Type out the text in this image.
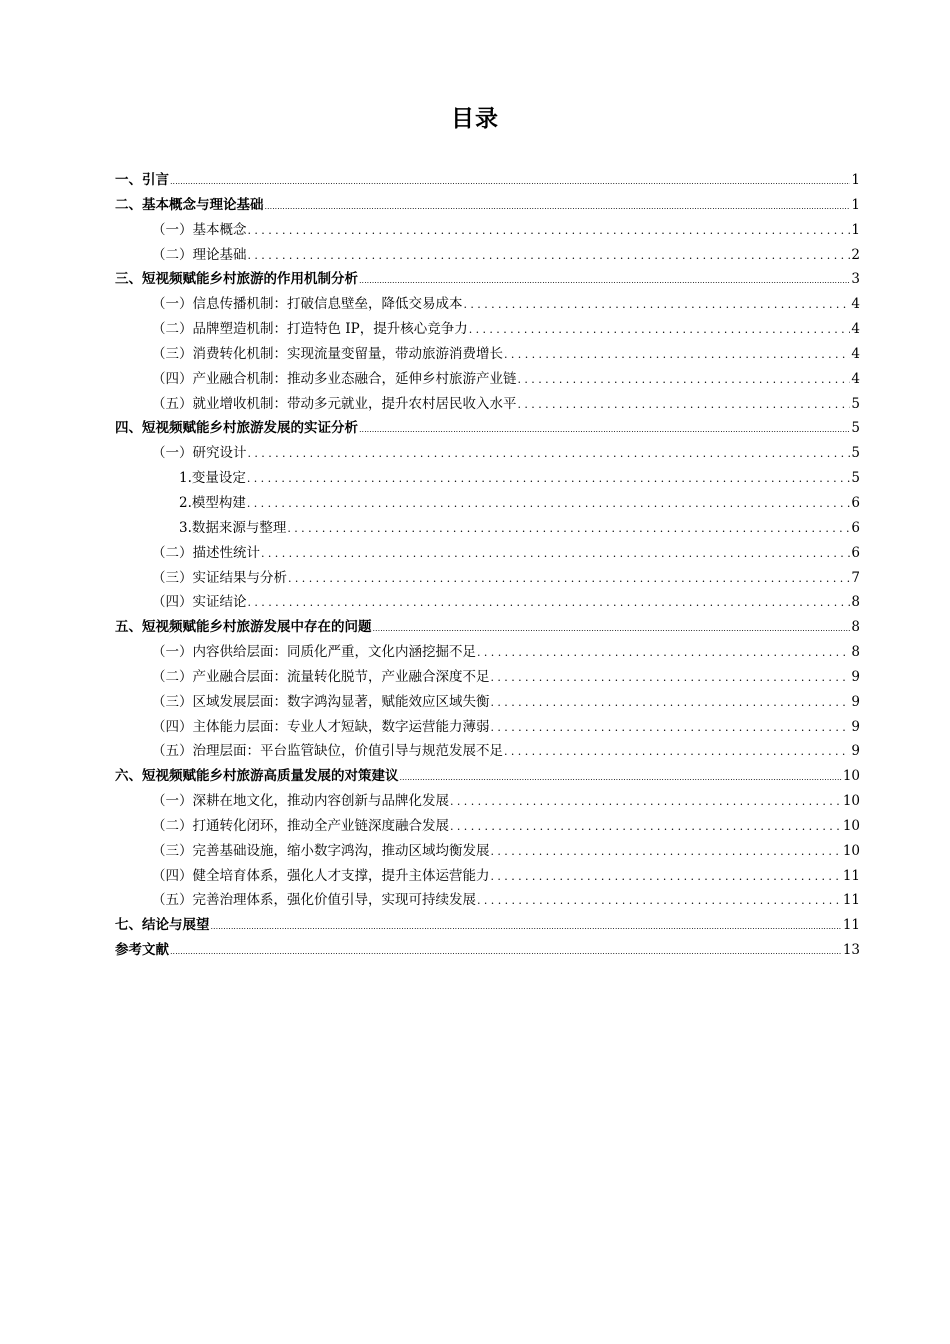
目录
一、引言 .....	1
二、基本概念与理论基础 .....	1
（一）基本概念 .....	1
（二）理论基础 .....	2
三、短视频赋能乡村旅游的作用机制分析 .....	3
（一）信息传播机制：打破信息壁垒，降低交易成本 .....	4
（二）品牌塑造机制：打造特色 IP，提升核心竞争力 .....	4
（三）消费转化机制：实现流量变留量，带动旅游消费增长 .....	4
（四）产业融合机制：推动多业态融合，延伸乡村旅游产业链 .....	4
（五）就业增收机制：带动多元就业，提升农村居民收入水平 .....	5
四、短视频赋能乡村旅游发展的实证分析 .....	5
（一）研究设计 .....	5
1.变量设定 .....	5
2.模型构建 .....	6
3.数据来源与整理 .....	6
（二）描述性统计 .....	6
（三）实证结果与分析 .....	7
（四）实证结论 .....	8
五、短视频赋能乡村旅游发展中存在的问题 .....	8
（一）内容供给层面：同质化严重，文化内涵挖掘不足 .....	8
（二）产业融合层面：流量转化脱节，产业融合深度不足 .....	9
（三）区域发展层面：数字鸿沟显著，赋能效应区域失衡 .....	9
（四）主体能力层面：专业人才短缺，数字运营能力薄弱 .....	9
（五）治理层面：平台监管缺位，价值引导与规范发展不足 .....	9
六、短视频赋能乡村旅游高质量发展的对策建议 .....	10
（一）深耕在地文化，推动内容创新与品牌化发展 .....	10
（二）打通转化闭环，推动全产业链深度融合发展 .....	10
（三）完善基础设施，缩小数字鸿沟，推动区域均衡发展 .....	10
（四）健全培育体系，强化人才支撑，提升主体运营能力 .....	11
（五）完善治理体系，强化价值引导，实现可持续发展 .....	11
七、结论与展望 .....	11
参考文献 .....	13
